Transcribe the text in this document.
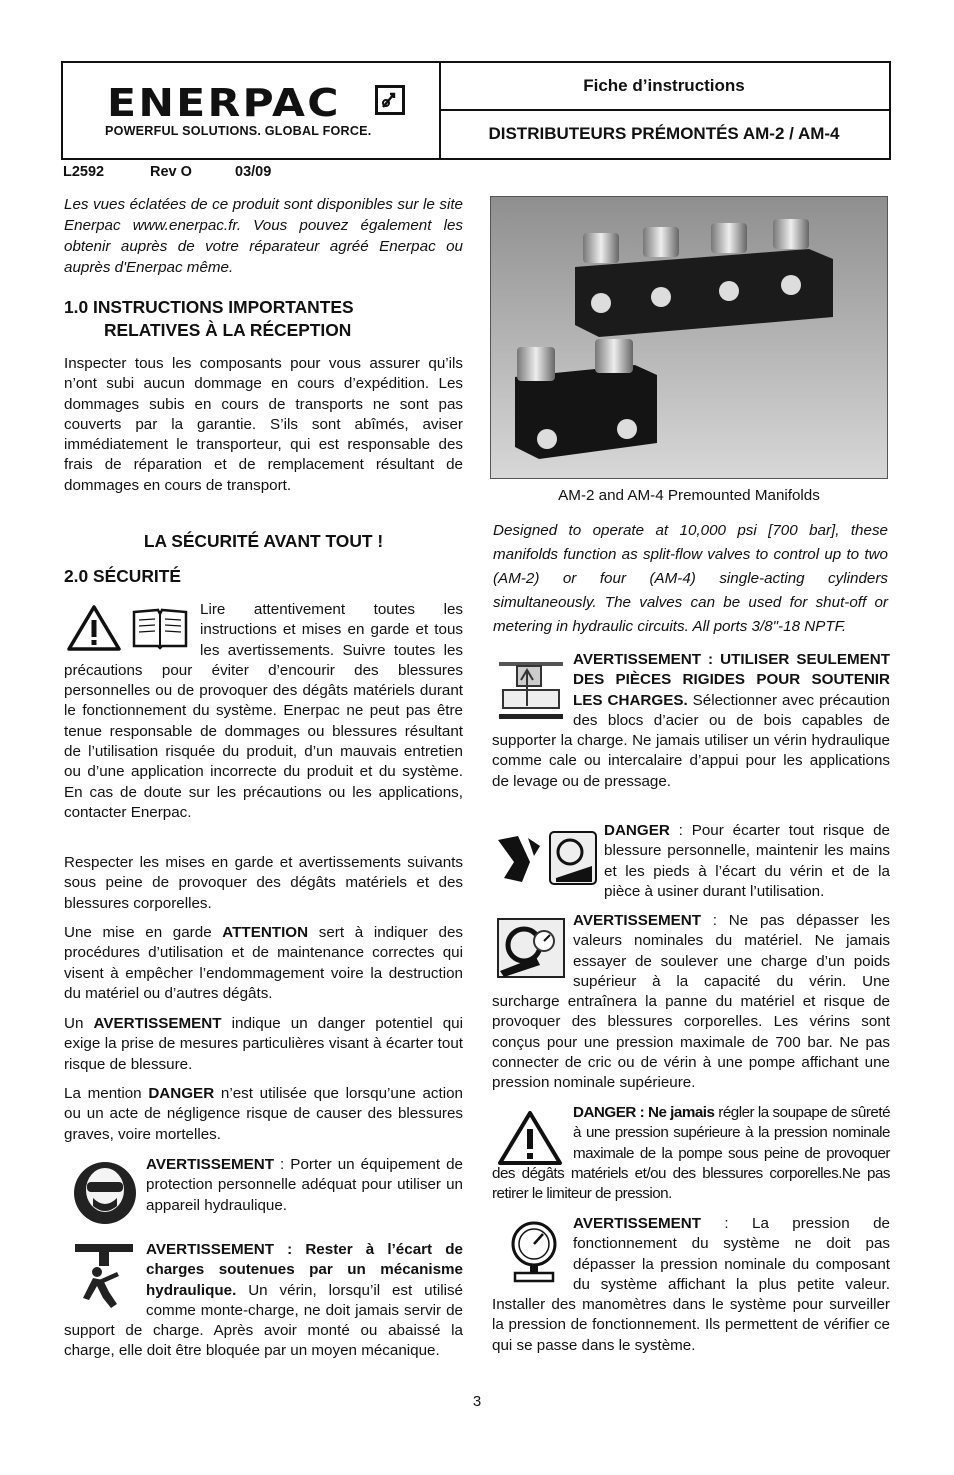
ENERPAC
POWERFUL SOLUTIONS. GLOBAL FORCE.
Fiche d’instructions
DISTRIBUTEURS PRÉMONTÉS AM-2 / AM-4
L2592	Rev O	03/09

Les vues éclatées de ce produit sont disponibles sur le site Enerpac www.enerpac.fr. Vous pouvez également les obtenir auprès de votre réparateur agréé Enerpac ou auprès d'Enerpac même.

1.0 INSTRUCTIONS IMPORTANTES
RELATIVES À LA RÉCEPTION

Inspecter tous les composants pour vous assurer qu’ils n’ont subi aucun dommage en cours d’expédition. Les dommages subis en cours de transports ne sont pas couverts par la garantie. S’ils sont abîmés, aviser immédiatement le transporteur, qui est responsable des frais de réparation et de remplacement résultant de dommages en cours de transport.

LA SÉCURITÉ AVANT TOUT !
2.0 SÉCURITÉ

Lire attentivement toutes les instructions et mises en garde et tous les avertissements. Suivre toutes les précautions pour éviter d’encourir des blessures personnelles ou de provoquer des dégâts matériels durant le fonctionnement du système. Enerpac ne peut pas être tenue responsable de dommages ou blessures résultant de l’utilisation risquée du produit, d’un mauvais entretien ou d’une application incorrecte du produit et du système. En cas de doute sur les précautions ou les applications, contacter Enerpac.

Respecter les mises en garde et avertissements suivants sous peine de provoquer des dégâts matériels et des blessures corporelles.

Une mise en garde ATTENTION sert à indiquer des procédures d’utilisation et de maintenance correctes qui visent à empêcher l’endommagement voire la destruction du matériel ou d’autres dégâts.

Un AVERTISSEMENT indique un danger potentiel qui exige la prise de mesures particulières visant à écarter tout risque de blessure.

La mention DANGER n’est utilisée que lorsqu’une action ou un acte de négligence risque de causer des blessures graves, voire mortelles.

AVERTISSEMENT : Porter un équipement de protection personnelle adéquat pour utiliser un appareil hydraulique.

AVERTISSEMENT : Rester à l’écart de charges soutenues par un mécanisme hydraulique. Un vérin, lorsqu’il est utilisé comme monte-charge, ne doit jamais servir de support de charge. Après avoir monté ou abaissé la charge, elle doit être bloquée par un moyen mécanique.

AM-2 and AM-4 Premounted Manifolds

Designed to operate at 10,000 psi [700 bar], these manifolds function as split-flow valves to control up to two (AM-2) or four (AM-4) single-acting cylinders simultaneously. The valves can be used for shut-off or metering in hydraulic circuits. All ports 3/8"-18 NPTF.

AVERTISSEMENT : UTILISER SEULEMENT DES PIÈCES RIGIDES POUR SOUTENIR LES CHARGES. Sélectionner avec précaution des blocs d’acier ou de bois capables de supporter la charge. Ne jamais utiliser un vérin hydraulique comme cale ou intercalaire d’appui pour les applications de levage ou de pressage.

DANGER : Pour écarter tout risque de blessure personnelle, maintenir les mains et les pieds à l’écart du vérin et de la pièce à usiner durant l’utilisation.

AVERTISSEMENT : Ne pas dépasser les valeurs nominales du matériel. Ne jamais essayer de soulever une charge d’un poids supérieur à la capacité du vérin. Une surcharge entraînera la panne du matériel et risque de provoquer des blessures corporelles. Les vérins sont conçus pour une pression maximale de 700 bar. Ne pas connecter de cric ou de vérin à une pompe affichant une pression nominale supérieure.

DANGER : Ne jamais régler la soupape de sûreté à une pression supérieure à la pression nominale maximale de la pompe sous peine de provoquer des dégâts matériels et/ou des blessures corporelles.Ne pas retirer le limiteur de pression.

AVERTISSEMENT : La pression de fonctionnement du système ne doit pas dépasser la pression nominale du composant du système affichant la plus petite valeur. Installer des manomètres dans le système pour surveiller la pression de fonctionnement. Ils permettent de vérifier ce qui se passe dans le système.

3
